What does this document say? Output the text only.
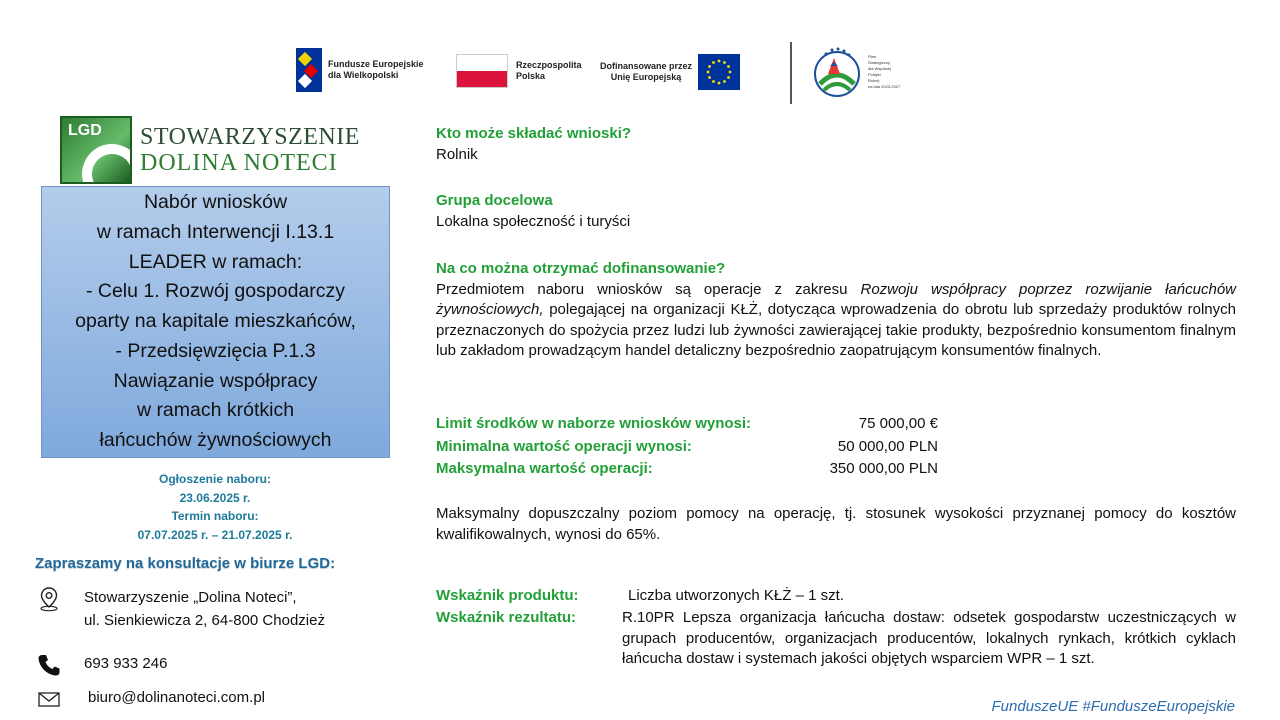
Fundusze Europejskie
dla Wielkopolski
Rzeczpospolita
Polska
Dofinansowane przez
Unię Europejską
Plan
Strategiczny
dla Wspólnej
Polityki
Rolnej
na lata 2023-2027
LGD STOWARZYSZENIE
DOLINA NOTECI
Nabór wniosków
w ramach Interwencji I.13.1
LEADER w ramach:
- Celu 1. Rozwój gospodarczy
oparty na kapitale mieszkańców,
- Przedsięwzięcia P.1.3
Nawiązanie współpracy
w ramach krótkich
łańcuchów żywnościowych
Ogłoszenie naboru:
23.06.2025 r.
Termin naboru:
07.07.2025 r. – 21.07.2025 r.
Zapraszamy na konsultacje w biurze LGD:
Stowarzyszenie „Dolina Noteci”,
ul. Sienkiewicza 2, 64-800 Chodzież
693 933 246
biuro@dolinanoteci.com.pl
Kto może składać wnioski?
Rolnik
Grupa docelowa
Lokalna społeczność i turyści
Na co można otrzymać dofinansowanie?
Przedmiotem naboru wniosków są operacje z zakresu Rozwoju współpracy poprzez rozwijanie łańcuchów żywnościowych, polegającej na organizacji KŁŻ, dotycząca wprowadzenia do obrotu lub sprzedaży produktów rolnych przeznaczonych do spożycia przez ludzi lub żywności zawierającej takie produkty, bezpośrednio konsumentom finalnym lub zakładom prowadzącym handel detaliczny bezpośrednio zaopatrującym konsumentów finalnych.
Limit środków w naborze wniosków wynosi:	75 000,00 €
Minimalna wartość operacji wynosi:	50 000,00 PLN
Maksymalna wartość operacji:	350 000,00 PLN
Maksymalny dopuszczalny poziom pomocy na operację, tj. stosunek wysokości przyznanej pomocy do kosztów kwalifikowalnych, wynosi do 65%.
Wskaźnik produktu:	Liczba utworzonych KŁŻ – 1 szt.
Wskaźnik rezultatu:	R.10PR Lepsza organizacja łańcucha dostaw: odsetek gospodarstw uczestniczących w grupach producentów, organizacjach producentów, lokalnych rynkach, krótkich cyklach łańcucha dostaw i systemach jakości objętych wsparciem WPR – 1 szt.
FunduszeUE #FunduszeEuropejskie
